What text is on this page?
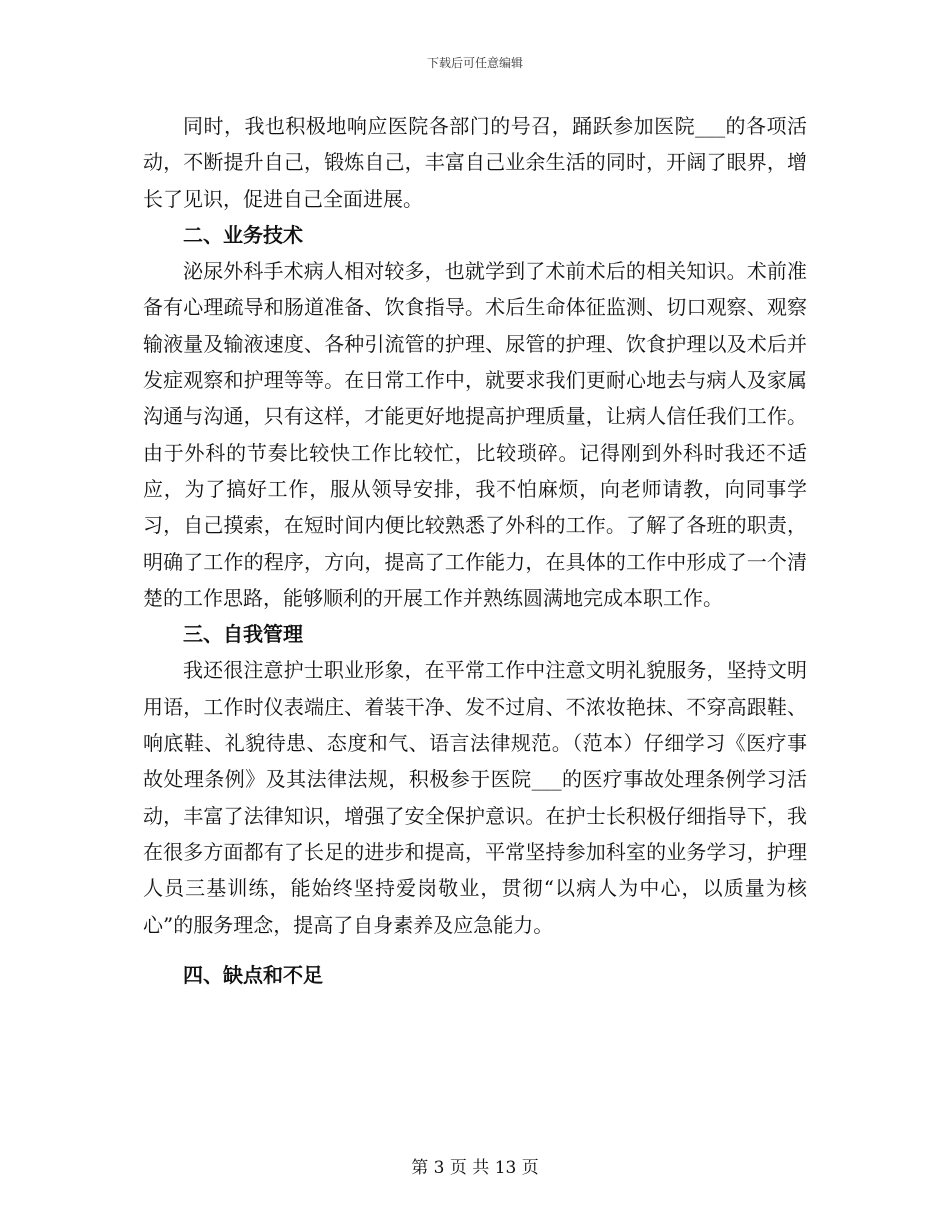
下载后可任意编辑

同时，我也积极地响应医院各部门的号召，踊跃参加医院___的各项活动，不断提升自己，锻炼自己，丰富自己业余生活的同时，开阔了眼界，增长了见识，促进自己全面进展。

二、业务技术

泌尿外科手术病人相对较多，也就学到了术前术后的相关知识。术前准备有心理疏导和肠道准备、饮食指导。术后生命体征监测、切口观察、观察输液量及输液速度、各种引流管的护理、尿管的护理、饮食护理以及术后并发症观察和护理等等。在日常工作中，就要求我们更耐心地去与病人及家属沟通与沟通，只有这样，才能更好地提高护理质量，让病人信任我们工作。由于外科的节奏比较快工作比较忙，比较琐碎。记得刚到外科时我还不适应，为了搞好工作，服从领导安排，我不怕麻烦，向老师请教，向同事学习，自己摸索，在短时间内便比较熟悉了外科的工作。了解了各班的职责，明确了工作的程序，方向，提高了工作能力，在具体的工作中形成了一个清楚的工作思路，能够顺利的开展工作并熟练圆满地完成本职工作。

三、自我管理

我还很注意护士职业形象，在平常工作中注意文明礼貌服务，坚持文明用语，工作时仪表端庄、着装干净、发不过肩、不浓妆艳抹、不穿高跟鞋、响底鞋、礼貌待患、态度和气、语言法律规范。（范本）仔细学习《医疗事故处理条例》及其法律法规，积极参于医院___的医疗事故处理条例学习活动，丰富了法律知识，增强了安全保护意识。在护士长积极仔细指导下，我在很多方面都有了长足的进步和提高，平常坚持参加科室的业务学习，护理人员三基训练，能始终坚持爱岗敬业，贯彻“以病人为中心，以质量为核心”的服务理念，提高了自身素养及应急能力。

四、缺点和不足

第 3 页 共 13 页
